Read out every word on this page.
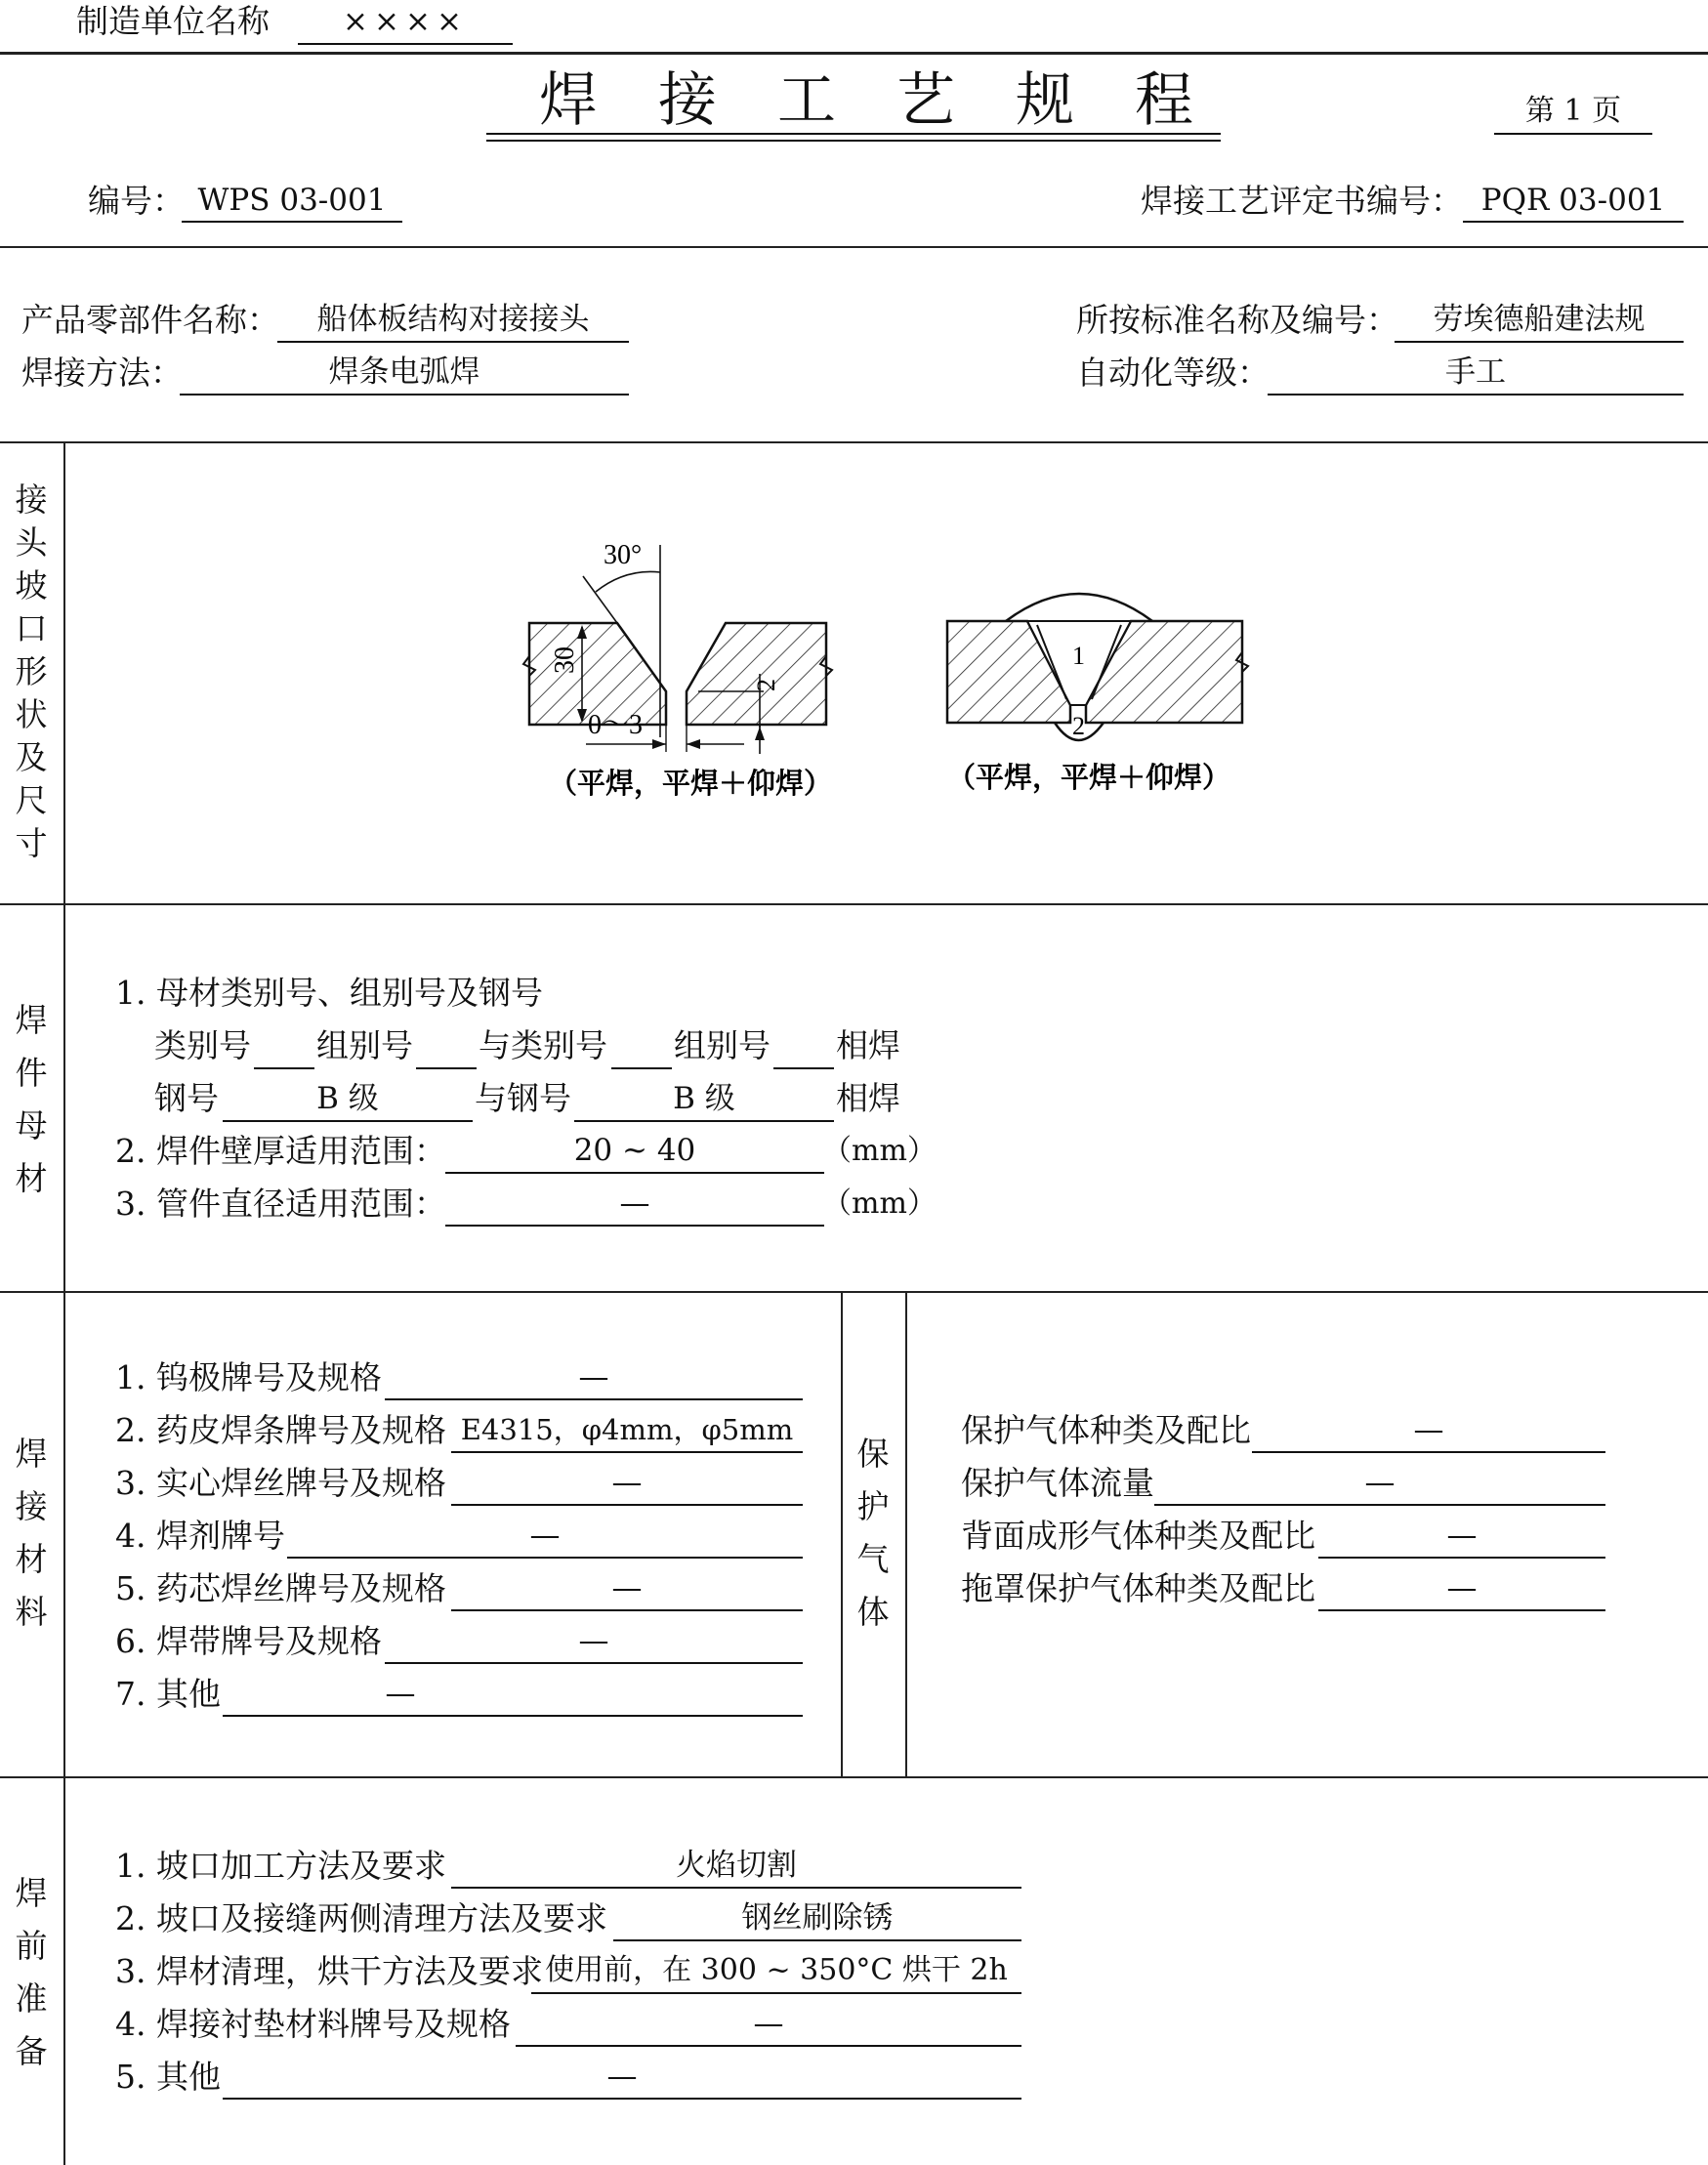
制造单位名称	××××
焊接工艺规程	第 1 页
编号： WPS 03-001	焊接工艺评定书编号： PQR 03-001
产品零部件名称：	船体板结构对接接头	所按标准名称及编号：	劳埃德船建法规
焊接方法：	焊条电弧焊	自动化等级：	手工
接
头
坡
口
形
状
及
尺
寸
30°
30
2
0～3
（平焊，平焊＋仰焊）
1
2
（平焊，平焊＋仰焊）
焊
件
母
材
1. 母材类别号、组别号及钢号
类别号 组别号 与类别号 组别号 相焊
钢号	B 级	与钢号	B 级	相焊
2. 焊件壁厚适用范围：	20 ~ 40	（mm）
3. 管件直径适用范围：	—	（mm）
焊
接
材
料
1. 钨极牌号及规格	—
2. 药皮焊条牌号及规格 E4315，φ4mm，φ5mm
3. 实心焊丝牌号及规格	—
4. 焊剂牌号	—
5. 药芯焊丝牌号及规格	—
6. 焊带牌号及规格	—
7. 其他	—
保
护
气
体
保护气体种类及配比	—
保护气体流量	—
背面成形气体种类及配比	—
拖罩保护气体种类及配比	—
焊
前
准
备
1. 坡口加工方法及要求	火焰切割
2. 坡口及接缝两侧清理方法及要求	钢丝刷除锈
3. 焊材清理，烘干方法及要求 使用前，在 300 ~ 350°C 烘干 2h
4. 焊接衬垫材料牌号及规格	—
5. 其他	—
